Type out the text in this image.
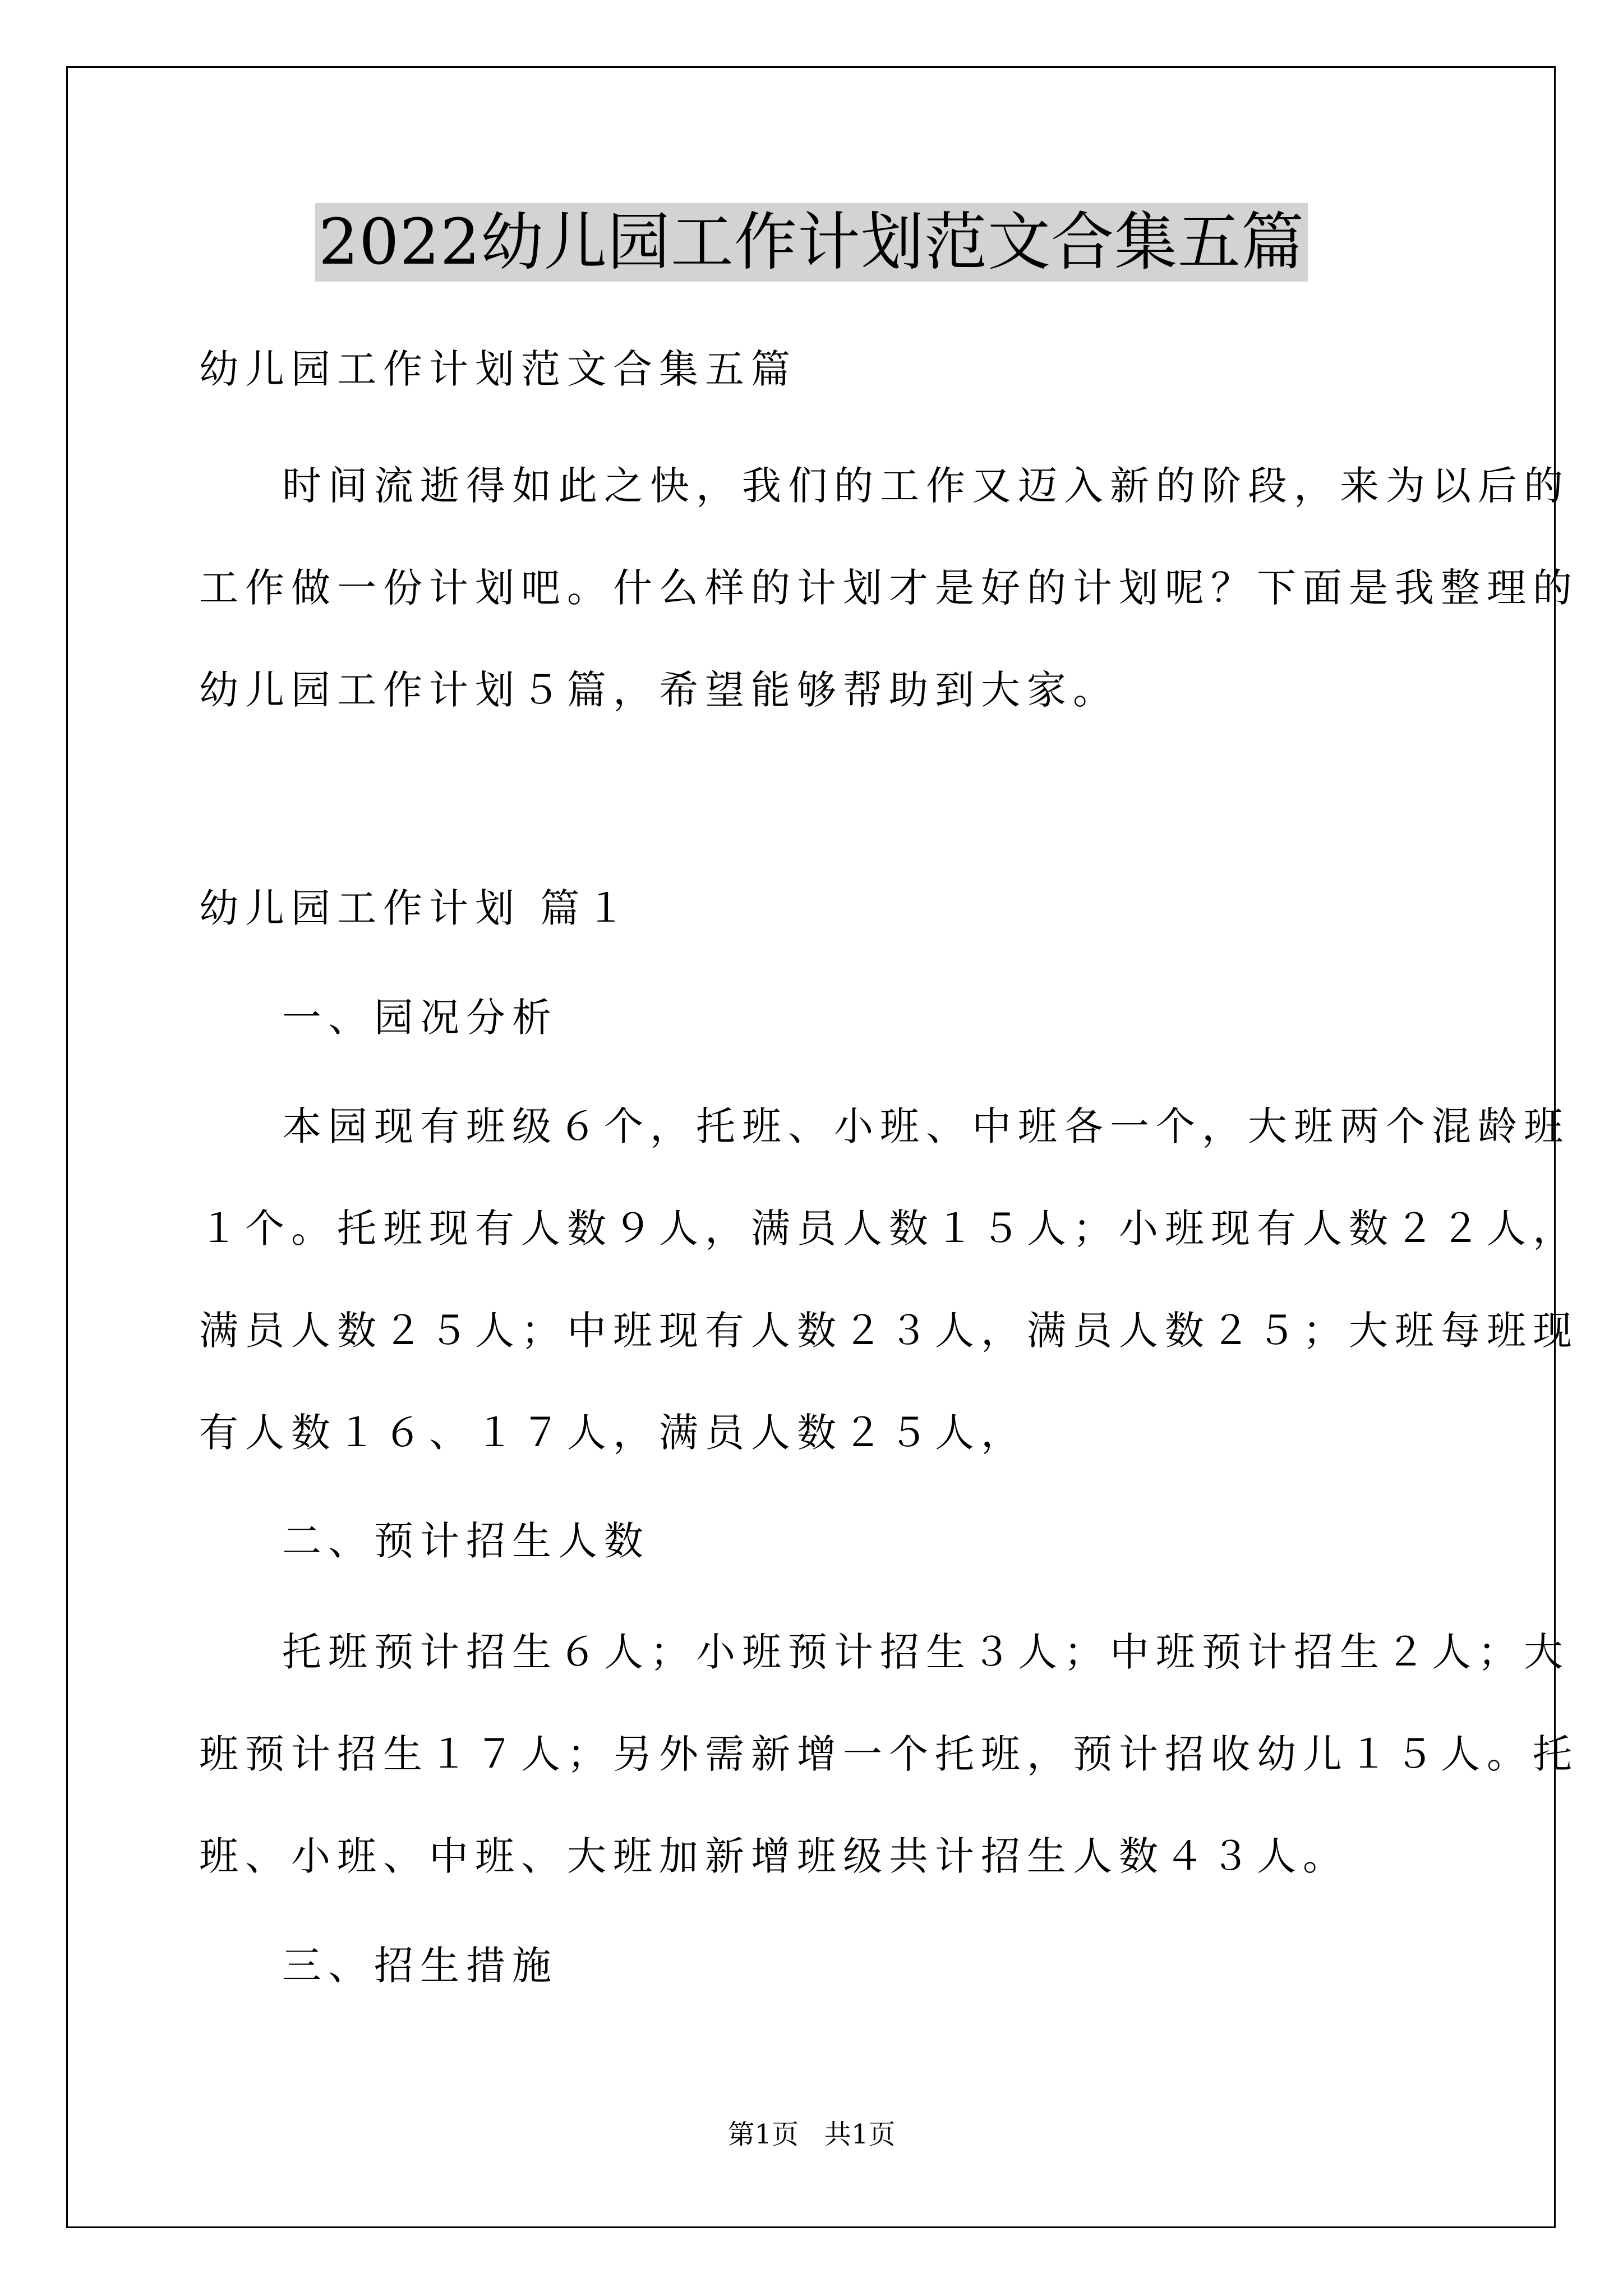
2022幼儿园工作计划范文合集五篇

幼儿园工作计划范文合集五篇

时间流逝得如此之快，我们的工作又迈入新的阶段，来为以后的

工作做一份计划吧。什么样的计划才是好的计划呢？下面是我整理的

幼儿园工作计划５篇，希望能够帮助到大家。

幼儿园工作计划 篇１

一、园况分析

本园现有班级６个，托班、小班、中班各一个，大班两个混龄班

１个。托班现有人数９人，满员人数１５人；小班现有人数２２人，

满员人数２５人；中班现有人数２３人，满员人数２５；大班每班现

有人数１６、１７人，满员人数２５人，

二、预计招生人数

托班预计招生６人；小班预计招生３人；中班预计招生２人；大

班预计招生１７人；另外需新增一个托班，预计招收幼儿１５人。托

班、小班、中班、大班加新增班级共计招生人数４３人。

三、招生措施

第1页   共1页
